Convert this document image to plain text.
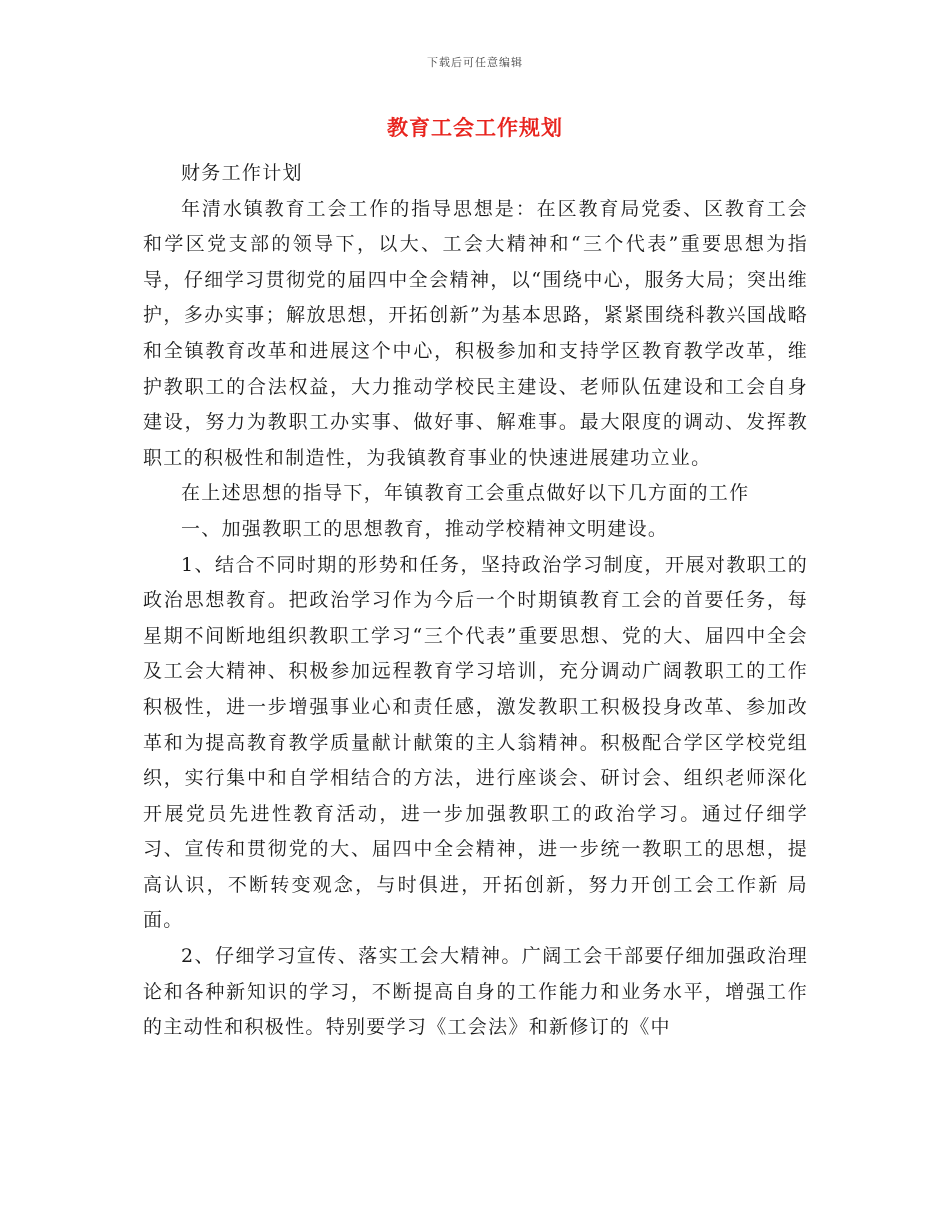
下载后可任意编辑
教育工会工作规划

财务工作计划

年清水镇教育工会工作的指导思想是：在区教育局党委、区教育工会和学区党支部的领导下，以大、工会大精神和“三个代表”重要思想为指导，仔细学习贯彻党的届四中全会精神，以“围绕中心，服务大局；突出维护，多办实事；解放思想，开拓创新”为基本思路，紧紧围绕科教兴国战略和全镇教育改革和进展这个中心，积极参加和支持学区教育教学改革，维护教职工的合法权益，大力推动学校民主建设、老师队伍建设和工会自身建设，努力为教职工办实事、做好事、解难事。最大限度的调动、发挥教职工的积极性和制造性，为我镇教育事业的快速进展建功立业。

在上述思想的指导下，年镇教育工会重点做好以下几方面的工作

一、加强教职工的思想教育，推动学校精神文明建设。

1、结合不同时期的形势和任务，坚持政治学习制度，开展对教职工的政治思想教育。把政治学习作为今后一个时期镇教育工会的首要任务，每星期不间断地组织教职工学习“三个代表”重要思想、党的大、届四中全会及工会大精神、积极参加远程教育学习培训，充分调动广阔教职工的工作积极性，进一步增强事业心和责任感，激发教职工积极投身改革、参加改革和为提高教育教学质量献计献策的主人翁精神。积极配合学区学校党组织，实行集中和自学相结合的方法，进行座谈会、研讨会、组织老师深化开展党员先进性教育活动，进一步加强教职工的政治学习。通过仔细学习、宣传和贯彻党的大、届四中全会精神，进一步统一教职工的思想，提高认识，不断转变观念，与时俱进，开拓创新，努力开创工会工作新 局面。

2、仔细学习宣传、落实工会大精神。广阔工会干部要仔细加强政治理论和各种新知识的学习，不断提高自身的工作能力和业务水平，增强工作的主动性和积极性。特别要学习《工会法》和新修订的《中
